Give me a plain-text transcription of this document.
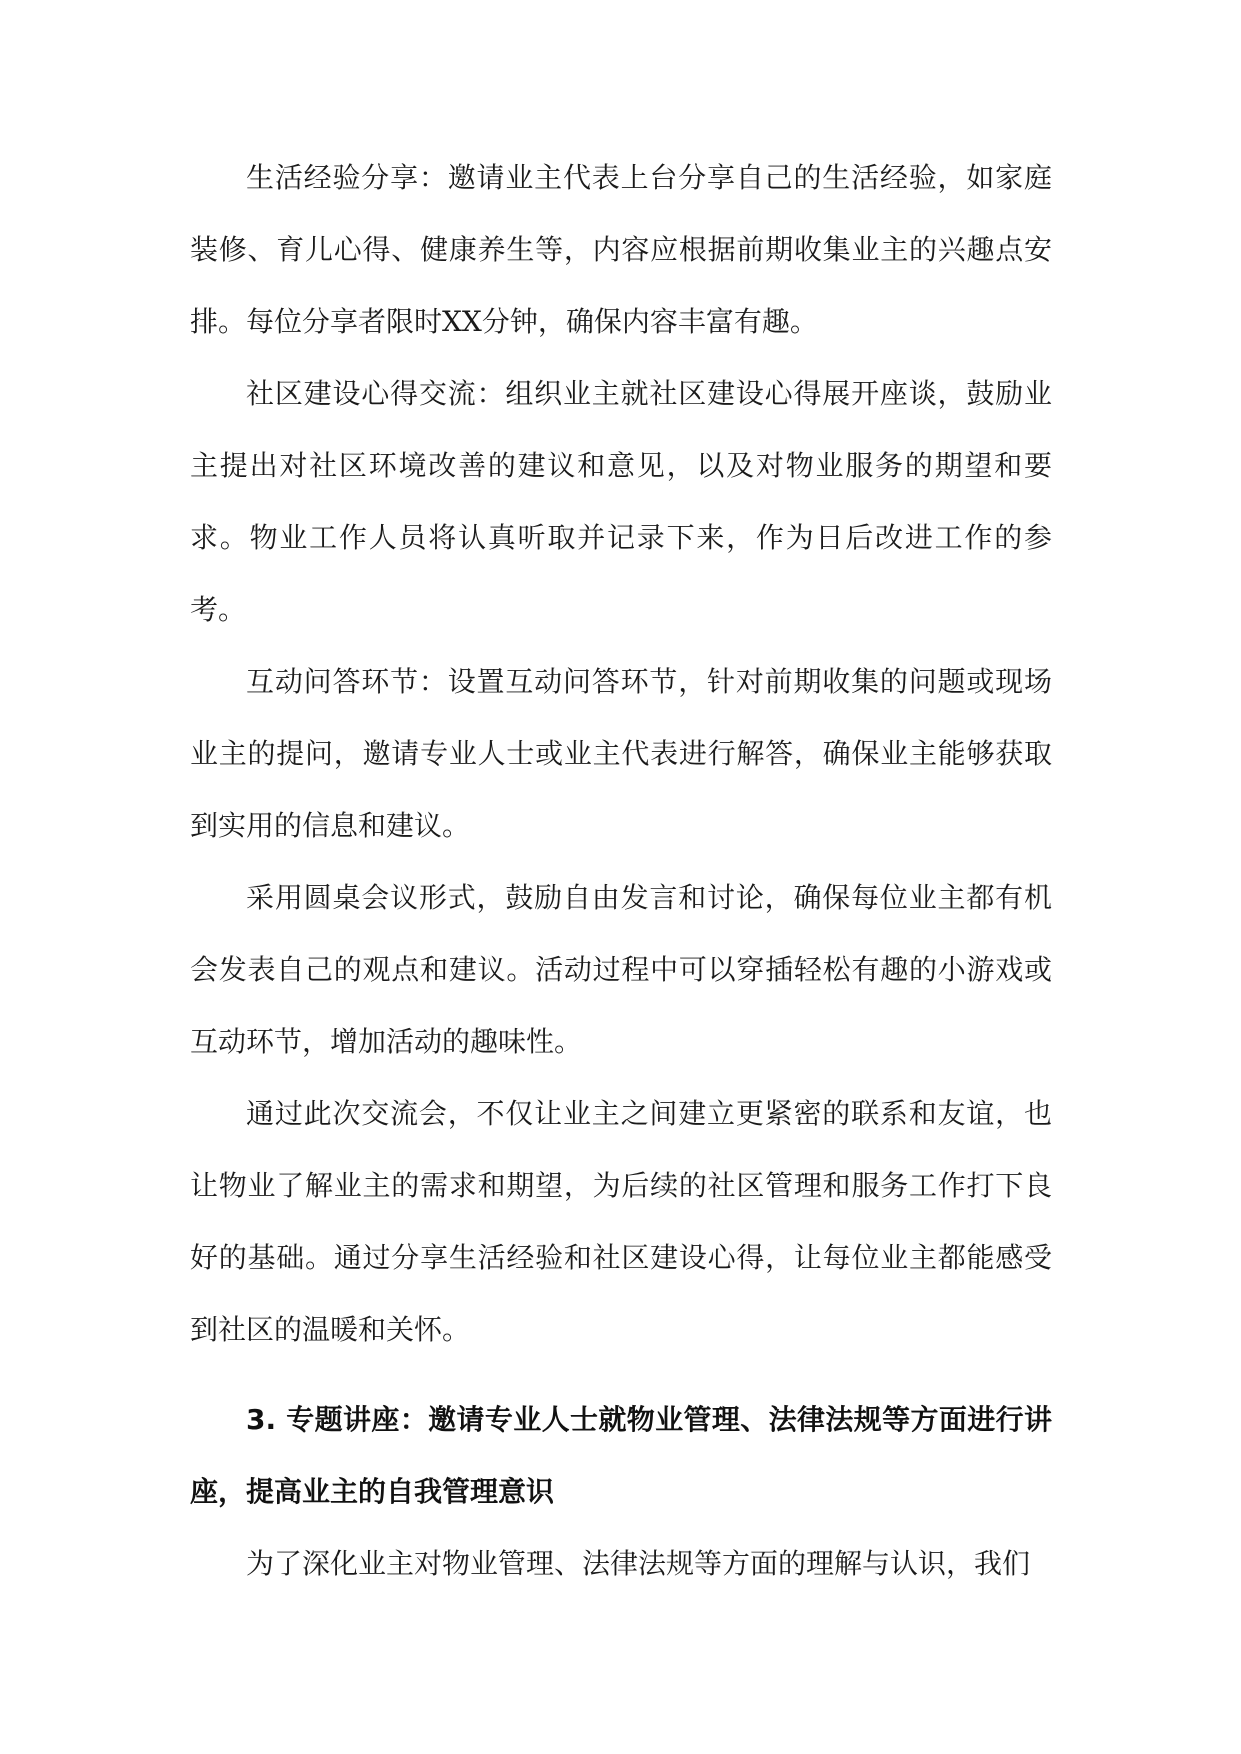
生活经验分享：邀请业主代表上台分享自己的生活经验，如家庭装修、育儿心得、健康养生等，内容应根据前期收集业主的兴趣点安排。每位分享者限时XX分钟，确保内容丰富有趣。

社区建设心得交流：组织业主就社区建设心得展开座谈，鼓励业主提出对社区环境改善的建议和意见，以及对物业服务的期望和要求。物业工作人员将认真听取并记录下来，作为日后改进工作的参考。

互动问答环节：设置互动问答环节，针对前期收集的问题或现场业主的提问，邀请专业人士或业主代表进行解答，确保业主能够获取到实用的信息和建议。

采用圆桌会议形式，鼓励自由发言和讨论，确保每位业主都有机会发表自己的观点和建议。活动过程中可以穿插轻松有趣的小游戏或互动环节，增加活动的趣味性。

通过此次交流会，不仅让业主之间建立更紧密的联系和友谊，也让物业了解业主的需求和期望，为后续的社区管理和服务工作打下良好的基础。通过分享生活经验和社区建设心得，让每位业主都能感受到社区的温暖和关怀。

3. 专题讲座：邀请专业人士就物业管理、法律法规等方面进行讲座，提高业主的自我管理意识

为了深化业主对物业管理、法律法规等方面的理解与认识，我们
